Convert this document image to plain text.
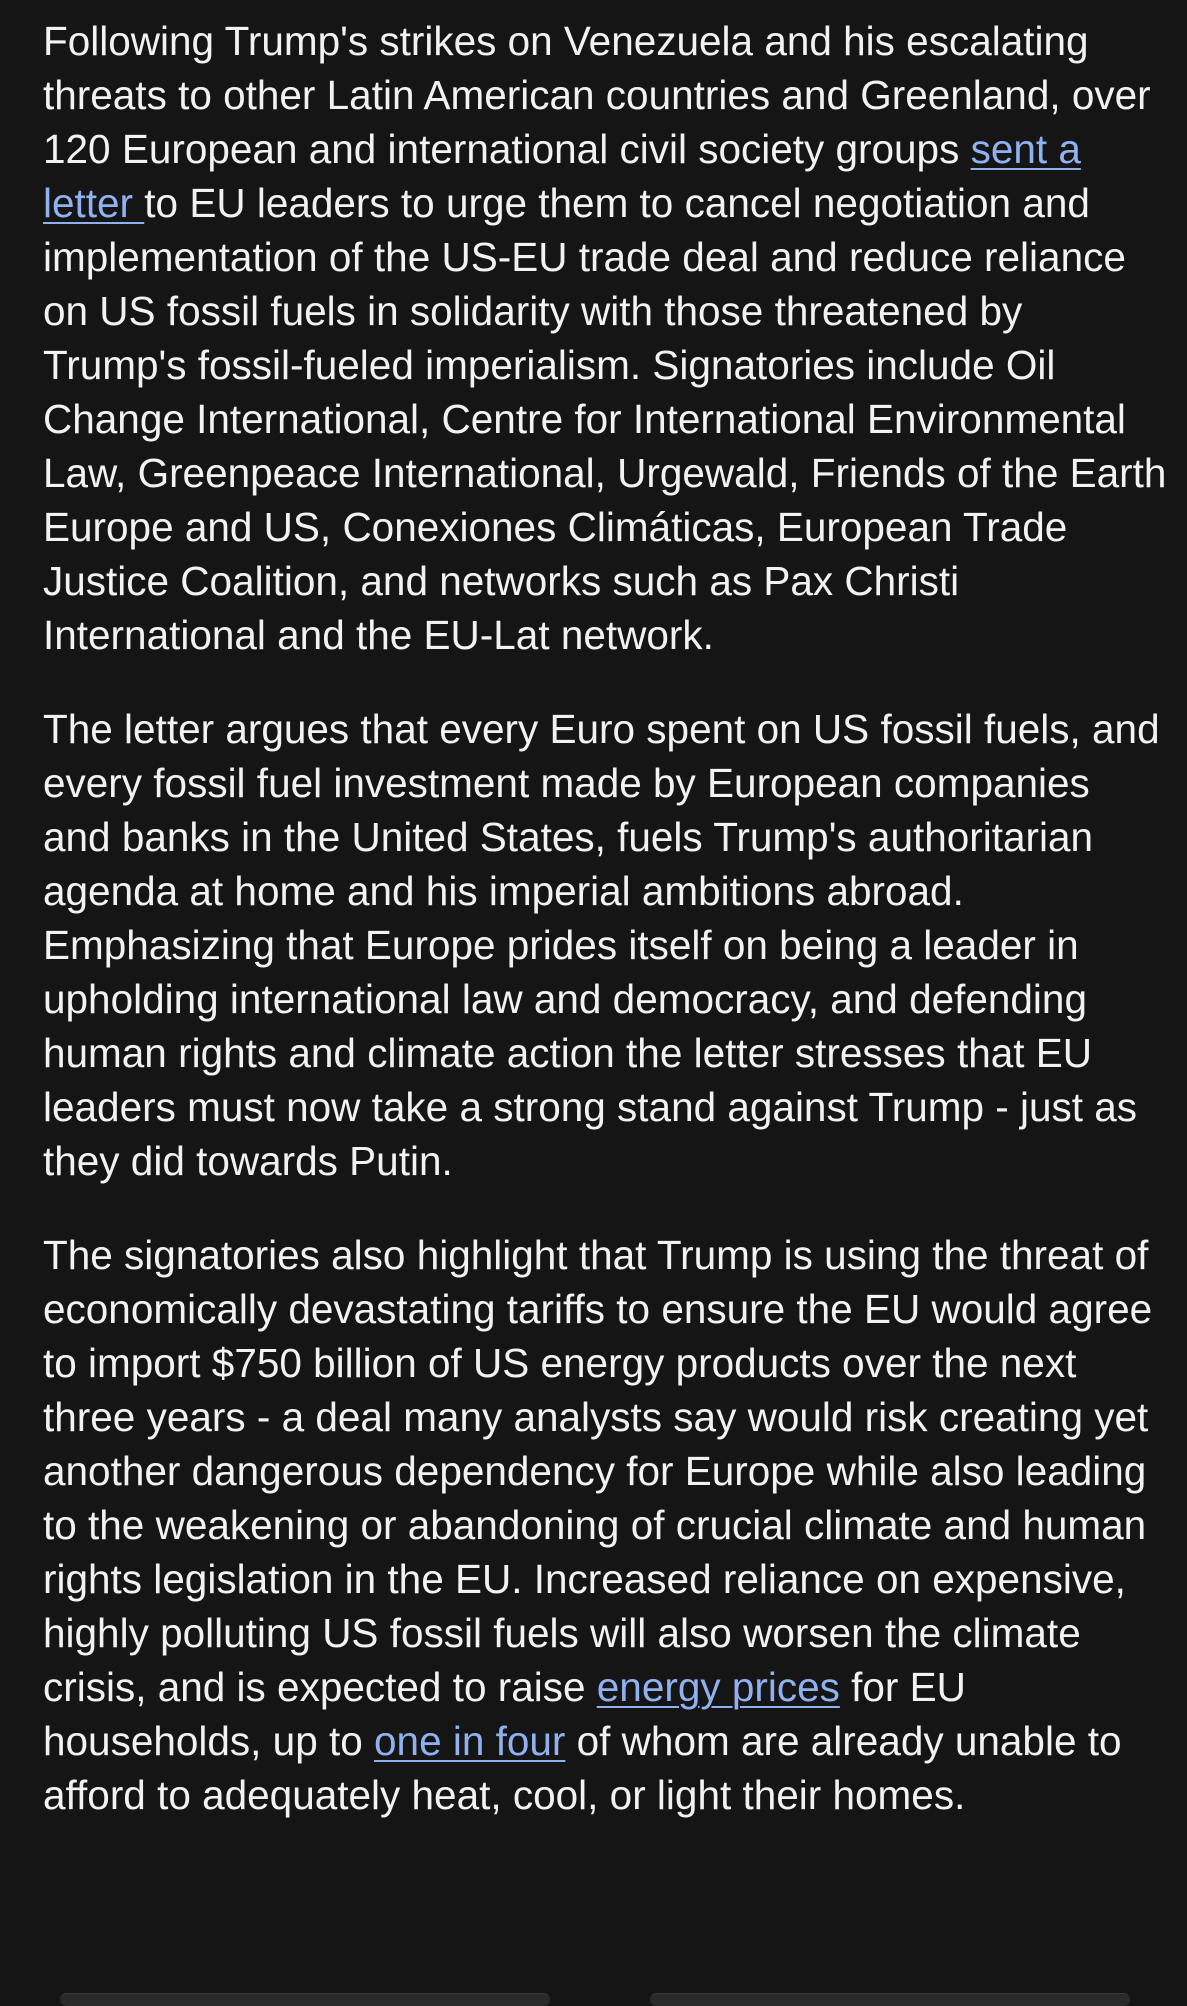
Following Trump's strikes on Venezuela and his escalating threats to other Latin American countries and Greenland, over 120 European and international civil society groups sent a letter to EU leaders to urge them to cancel negotiation and implementation of the US-EU trade deal and reduce reliance on US fossil fuels in solidarity with those threatened by Trump's fossil-fueled imperialism. Signatories include Oil Change International, Centre for International Environmental Law, Greenpeace International, Urgewald, Friends of the Earth Europe and US, Conexiones Climáticas, European Trade Justice Coalition, and networks such as Pax Christi International and the EU-Lat network.

The letter argues that every Euro spent on US fossil fuels, and every fossil fuel investment made by European companies and banks in the United States, fuels Trump's authoritarian agenda at home and his imperial ambitions abroad. Emphasizing that Europe prides itself on being a leader in upholding international law and democracy, and defending human rights and climate action the letter stresses that EU leaders must now take a strong stand against Trump - just as they did towards Putin.

The signatories also highlight that Trump is using the threat of economically devastating tariffs to ensure the EU would agree to import $750 billion of US energy products over the next three years - a deal many analysts say would risk creating yet another dangerous dependency for Europe while also leading to the weakening or abandoning of crucial climate and human rights legislation in the EU. Increased reliance on expensive, highly polluting US fossil fuels will also worsen the climate crisis, and is expected to raise energy prices for EU households, up to one in four of whom are already unable to afford to adequately heat, cool, or light their homes.
